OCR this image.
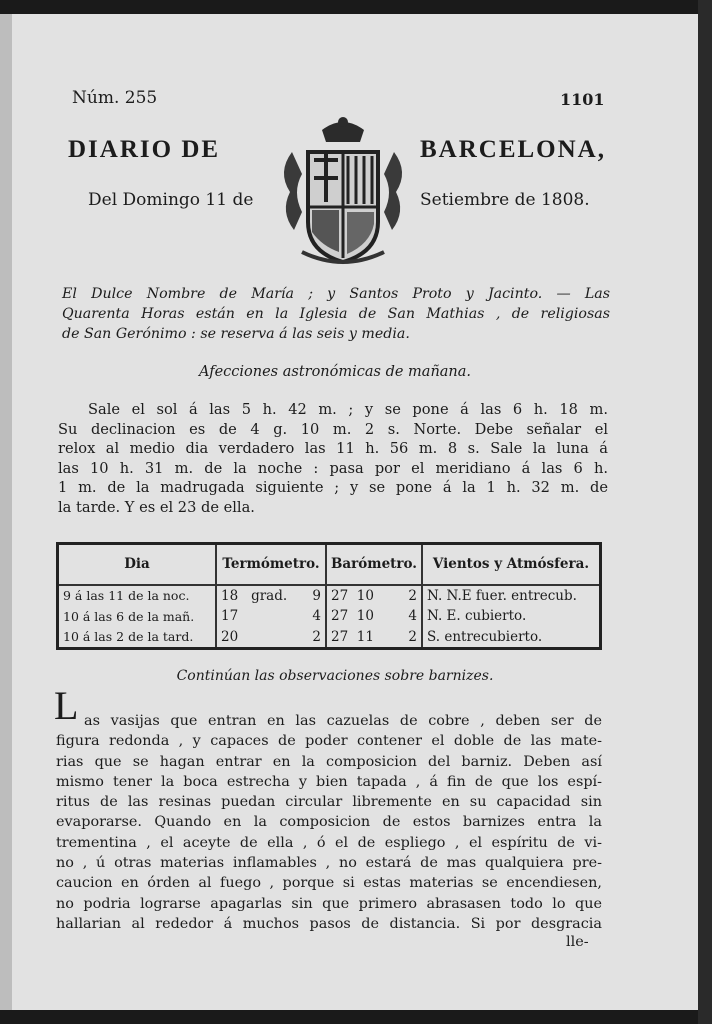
Núm. 255	1101
DIARIO DE	BARCELONA,
Del Domingo 11 de	Setiembre de 1808.
El Dulce Nombre de María ; y Santos Proto y Jacinto. — Las
Quarenta Horas están en la Iglesia de San Mathias , de religiosas
de San Gerónimo : se reserva á las seis y media.
Afecciones astronómicas de mañana.
Sale el sol á las 5 h. 42 m. ; y se pone á las 6 h. 18 m.
Su declinacion es de 4 g. 10 m. 2 s. Norte. Debe señalar el
relox al medio dia verdadero las 11 h. 56 m. 8 s. Sale la luna á
las 10 h. 31 m. de la noche : pasa por el meridiano á las 6 h.
1 m. de la madrugada siguiente ; y se pone á la 1 h. 32 m. de
la tarde. Y es el 23 de ella.
Dia	Termómetro.	Barómetro.	Vientos y Atmósfera.
9 á las 11 de la noc.	18 grad. 9	27 10 2	N. N.E fuer. entrecub.
10 á las 6 de la mañ.	17 4	27 10 4	N. E. cubierto.
10 á las 2 de la tard.	20 2	27 11 2	S. entrecubierto.
Continúan las observaciones sobre barnizes.
L as vasijas que entran en las cazuelas de cobre , deben ser de
figura redonda , y capaces de poder contener el doble de las mate-
rias que se hagan entrar en la composicion del barniz. Deben así
mismo tener la boca estrecha y bien tapada , á fin de que los espí-
ritus de las resinas puedan circular libremente en su capacidad sin
evaporarse. Quando en la composicion de estos barnizes entra la
trementina , el aceyte de ella , ó el de espliego , el espíritu de vi-
no , ú otras materias inflamables , no estará de mas qualquiera pre-
caucion en órden al fuego , porque si estas materias se encendiesen,
no podria lograrse apagarlas sin que primero abrasasen todo lo que
hallarian al rededor á muchos pasos de distancia. Si por desgracia
lle-
